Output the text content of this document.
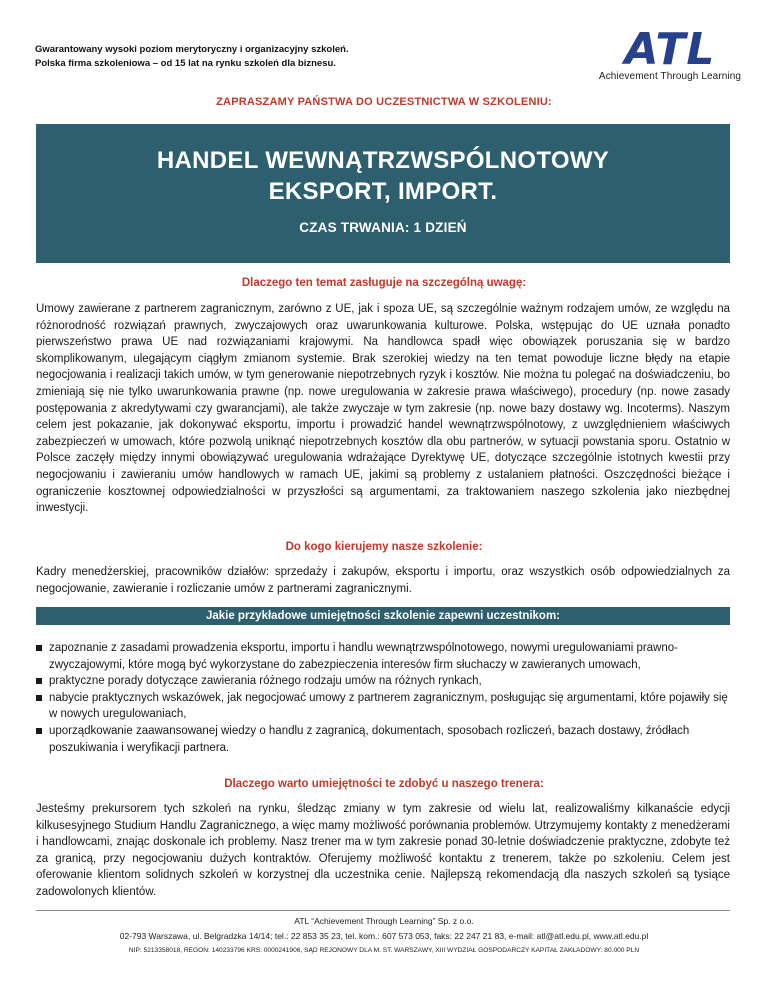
Gwarantowany wysoki poziom merytoryczny i organizacyjny szkoleń.
Polska firma szkoleniowa – od 15 lat na rynku szkoleń dla biznesu.	ATL
Achievement Through Learning
ZAPRASZAMY PAŃSTWA DO UCZESTNICTWA W SZKOLENIU:
HANDEL WEWNĄTRZWSPÓLNOTOWY
EKSPORT, IMPORT.
CZAS TRWANIA: 1 DZIEŃ
Dlaczego ten temat zasługuje na szczególną uwagę:
Umowy zawierane z partnerem zagranicznym, zarówno z UE, jak i spoza UE, są szczególnie ważnym rodzajem umów, ze względu na różnorodność rozwiązań prawnych, zwyczajowych oraz uwarunkowania kulturowe. Polska, wstępując do UE uznała ponadto pierwszeństwo prawa UE nad rozwiązaniami krajowymi. Na handlowca spadł więc obowiązek poruszania się w bardzo skomplikowanym, ulegającym ciągłym zmianom systemie. Brak szerokiej wiedzy na ten temat powoduje liczne błędy na etapie negocjowania i realizacji takich umów, w tym generowanie niepotrzebnych ryzyk i kosztów. Nie można tu polegać na doświadczeniu, bo zmieniają się nie tylko uwarunkowania prawne (np. nowe uregulowania w zakresie prawa właściwego), procedury (np. nowe zasady postępowania z akredytywami czy gwarancjami), ale także zwyczaje w tym zakresie (np. nowe bazy dostawy wg. Incoterms). Naszym celem jest pokazanie, jak dokonywać eksportu, importu i prowadzić handel wewnątrzwspólnotowy, z uwzględnieniem właściwych zabezpieczeń w umowach, które pozwolą uniknąć niepotrzebnych kosztów dla obu partnerów, w sytuacji powstania sporu. Ostatnio w Polsce zaczęły między innymi obowiązywać uregulowania wdrażające Dyrektywę UE, dotyczące szczególnie istotnych kwestii przy negocjowaniu i zawieraniu umów handlowych w ramach UE, jakimi są problemy z ustalaniem płatności. Oszczędności bieżące i ograniczenie kosztownej odpowiedzialności w przyszłości są argumentami, za traktowaniem naszego szkolenia jako niezbędnej inwestycji.
Do kogo kierujemy nasze szkolenie:
Kadry menedżerskiej, pracowników działów: sprzedaży i zakupów, eksportu i importu, oraz wszystkich osób odpowiedzialnych za negocjowanie, zawieranie i rozliczanie umów z partnerami zagranicznymi.
Jakie przykładowe umiejętności szkolenie zapewni uczestnikom:
zapoznanie z zasadami prowadzenia eksportu, importu i handlu wewnątrzwspólnotowego, nowymi uregulowaniami prawno-zwyczajowymi, które mogą być wykorzystane do zabezpieczenia interesów firm słuchaczy w zawieranych umowach,
praktyczne porady dotyczące zawierania różnego rodzaju umów na różnych rynkach,
nabycie praktycznych wskazówek, jak negocjować umowy z partnerem zagranicznym, posługując się argumentami, które pojawiły się w nowych uregulowaniach,
uporządkowanie zaawansowanej wiedzy o handlu z zagranicą, dokumentach, sposobach rozliczeń, bazach dostawy, źródłach poszukiwania i weryfikacji partnera.
Dlaczego warto umiejętności te zdobyć u naszego trenera:
Jesteśmy prekursorem tych szkoleń na rynku, śledząc zmiany w tym zakresie od wielu lat, realizowaliśmy kilkanaście edycji kilkusesyjnego Studium Handlu Zagranicznego, a więc mamy możliwość porównania problemów. Utrzymujemy kontakty z menedżerami i handlowcami, znając doskonale ich problemy. Nasz trener ma w tym zakresie ponad 30-letnie doświadczenie praktyczne, zdobyte też za granicą, przy negocjowaniu dużych kontraktów. Oferujemy możliwość kontaktu z trenerem, także po szkoleniu. Celem jest oferowanie klientom solidnych szkoleń w korzystnej dla uczestnika cenie. Najlepszą rekomendacją dla naszych szkoleń są tysiące zadowolonych klientów.
ATL “Achievement Through Learning” Sp. z o.o.
02-793 Warszawa, ul. Belgradzka 14/14; tel.: 22 853 35 23, tel. kom.: 607 573 053, faks: 22 247 21 83, e-mail: atl@atl.edu.pl, www.atl.edu.pl
NIP: 5213358018, REGON: 140233796 KRS: 0000241906, SĄD REJONOWY DLA M. ST. WARSZAWY, XIII WYDZIAŁ GOSPODARCZY KAPITAŁ ZAKŁADOWY: 80.000 PLN
